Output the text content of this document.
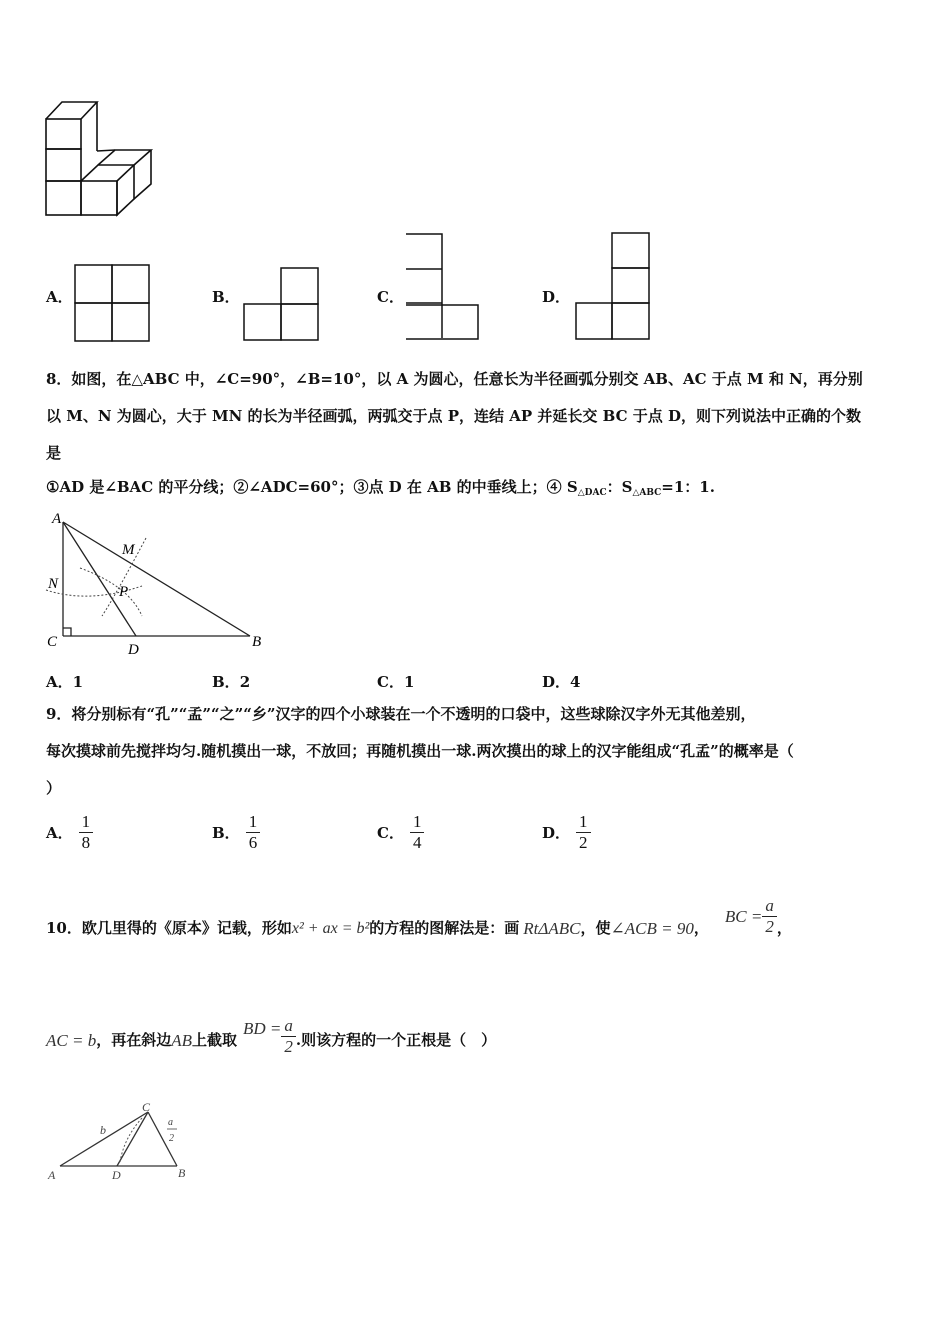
A．	B．	C．	D．
8．如图，在△ABC 中，∠C=90°，∠B=10°，以 A 为圆心，任意长为半径画弧分别交 AB、AC 于点 M 和 N，再分别
以 M、N 为圆心，大于 MN 的长为半径画弧，两弧交于点 P，连结 AP 并延长交 BC 于点 D，则下列说法中正确的个数
是
①AD 是∠BAC 的平分线；②∠ADC=60°；③点 D 在 AB 的中垂线上；④ $S_{\triangle DAC}$：$S_{\triangle ABC}=1$：1.
A
M
N	P
C	D	B
A．1	B．2	C．1	D．4
9．将分别标有“孔”“孟”“之”“乡”汉字的四个小球装在一个不透明的口袋中，这些球除汉字外无其他差别，
每次摸球前先搅拌均匀.随机摸出一球，不放回；再随机摸出一球.两次摸出的球上的汉字能组成“孔孟”的概率是（
）
A． $\frac{1}{8}$	B． $\frac{1}{6}$	C． $\frac{1}{4}$	D． $\frac{1}{2}$
10．欧几里得的《原本》记载，形如 x² + ax = b² 的方程的图解法是：画 RtΔABC ，使 ∠ACB = 90 ，
BC = $\frac{a}{2}$ ，
AC = b ，再在斜边 AB 上截取
BD = $\frac{a}{2}$ .则该方程的一个正根是（　）
C
b
a
2
A	D	B
